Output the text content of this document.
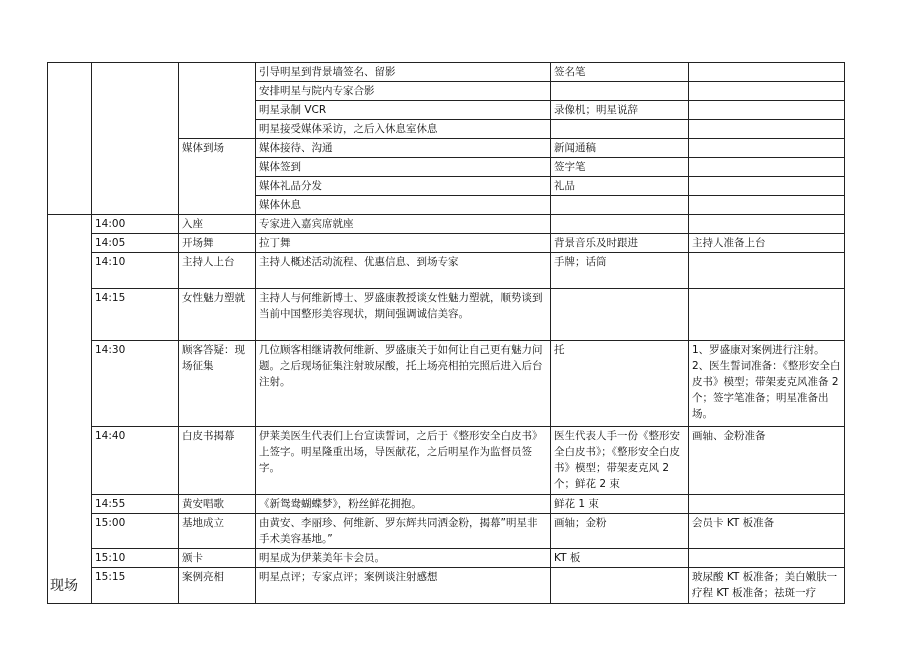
			引导明星到背景墙签名、留影	签名笔	
			安排明星与院内专家合影		
			明星录制 VCR	录像机；明星说辞	
			明星接受媒体采访，之后入休息室休息		
		媒体到场	媒体接待、沟通	新闻通稿	
			媒体签到	签字笔	
			媒体礼品分发	礼品	
			媒体休息		
现场	14:00	入座	专家进入嘉宾席就座		
	14:05	开场舞	拉丁舞	背景音乐及时跟进	主持人准备上台
	14:10	主持人上台	主持人概述活动流程、优惠信息、到场专家	手牌；话筒	
	14:15	女性魅力塑就	主持人与何维新博士、罗盛康教授谈女性魅力塑就，顺势谈到当前中国整形美容现状，期间强调诚信美容。		
	14:30	顾客答疑：现场征集	几位顾客相继请教何维新、罗盛康关于如何让自己更有魅力问题。之后现场征集注射玻尿酸，托上场亮相拍完照后进入后台注射。	托	1、罗盛康对案例进行注射。2、医生誓词准备：《整形安全白皮书》模型；带架麦克风准备 2 个；签字笔准备；明星准备出场。
	14:40	白皮书揭幕	伊莱美医生代表们上台宣读誓词，之后于《整形安全白皮书》上签字。明星隆重出场，导医献花，之后明星作为监督员签字。	医生代表人手一份《整形安全白皮书》；《整形安全白皮书》模型；带架麦克风 2 个；鲜花 2 束	画轴、金粉准备
	14:55	黄安唱歌	《新鸳鸯蝴蝶梦》，粉丝鲜花拥抱。	鲜花 1 束	
	15:00	基地成立	由黄安、李丽珍、何维新、罗东辉共同洒金粉，揭幕”明星非手术美容基地。”	画轴；金粉	会员卡 KT 板准备
	15:10	颁卡	明星成为伊莱美年卡会员。	KT 板	
	15:15	案例亮相	明星点评；专家点评；案例谈注射感想		玻尿酸 KT 板准备；美白嫩肤一疗程 KT 板准备；祛斑一疗
